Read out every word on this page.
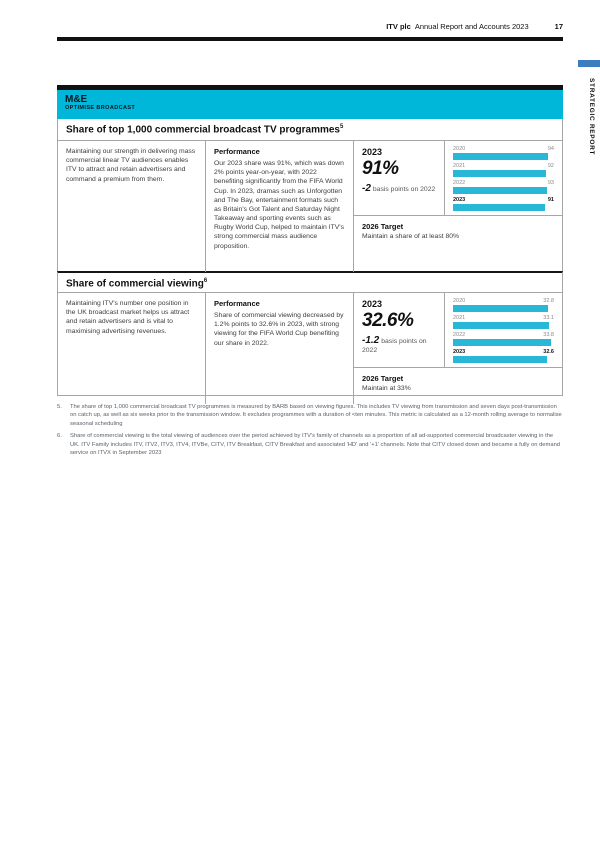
ITV plc Annual Report and Accounts 2023	17
STRATEGIC REPORT
M&E
OPTIMISE BROADCAST
Share of top 1,000 commercial broadcast TV programmes$^5$
Maintaining our strength in delivering mass commercial linear TV audiences enables ITV to attract and retain advertisers and command a premium from them.
Performance
Our 2023 share was 91%, which was down 2% points year-on-year, with 2022 benefiting significantly from the FIFA World Cup. In 2023, dramas such as Unforgotten and The Bay, entertainment formats such as Britain's Got Talent and Saturday Night Takeaway and sporting events such as Rugby World Cup, helped to maintain ITV's strong commercial mass audience proposition.
2023
91%
-2 basis points on 2022
2020	94
2021	92
2022	93
2023	91
2026 Target
Maintain a share of at least 80%
Share of commercial viewing$^6$
Maintaining ITV's number one position in the UK broadcast market helps us attract and retain advertisers and is vital to maximising advertising revenues.
Performance
Share of commercial viewing decreased by 1.2% points to 32.6% in 2023, with strong viewing for the FIFA World Cup benefiting our share in 2022.
2023
32.6%
-1.2 basis points on 2022
2020	32.8
2021	33.1
2022	33.8
2023	32.6
2026 Target
Maintain at 33%
5.	The share of top 1,000 commercial broadcast TV programmes is measured by BARB based on viewing figures. This includes TV viewing from transmission and seven days post-transmission on catch up, as well as six weeks prior to the transmission window. It excludes programmes with a duration of <ten minutes. This metric is calculated as a 12-month rolling average to normalise seasonal scheduling
6.	Share of commercial viewing is the total viewing of audiences over the period achieved by ITV's family of channels as a proportion of all ad-supported commercial broadcaster viewing in the UK. ITV Family includes ITV, ITV2, ITV3, ITV4, ITVBe, CITV, ITV Breakfast, CITV Breakfast and associated 'HD' and '+1' channels. Note that CITV closed down and became a fully on demand service on ITVX in September 2023
